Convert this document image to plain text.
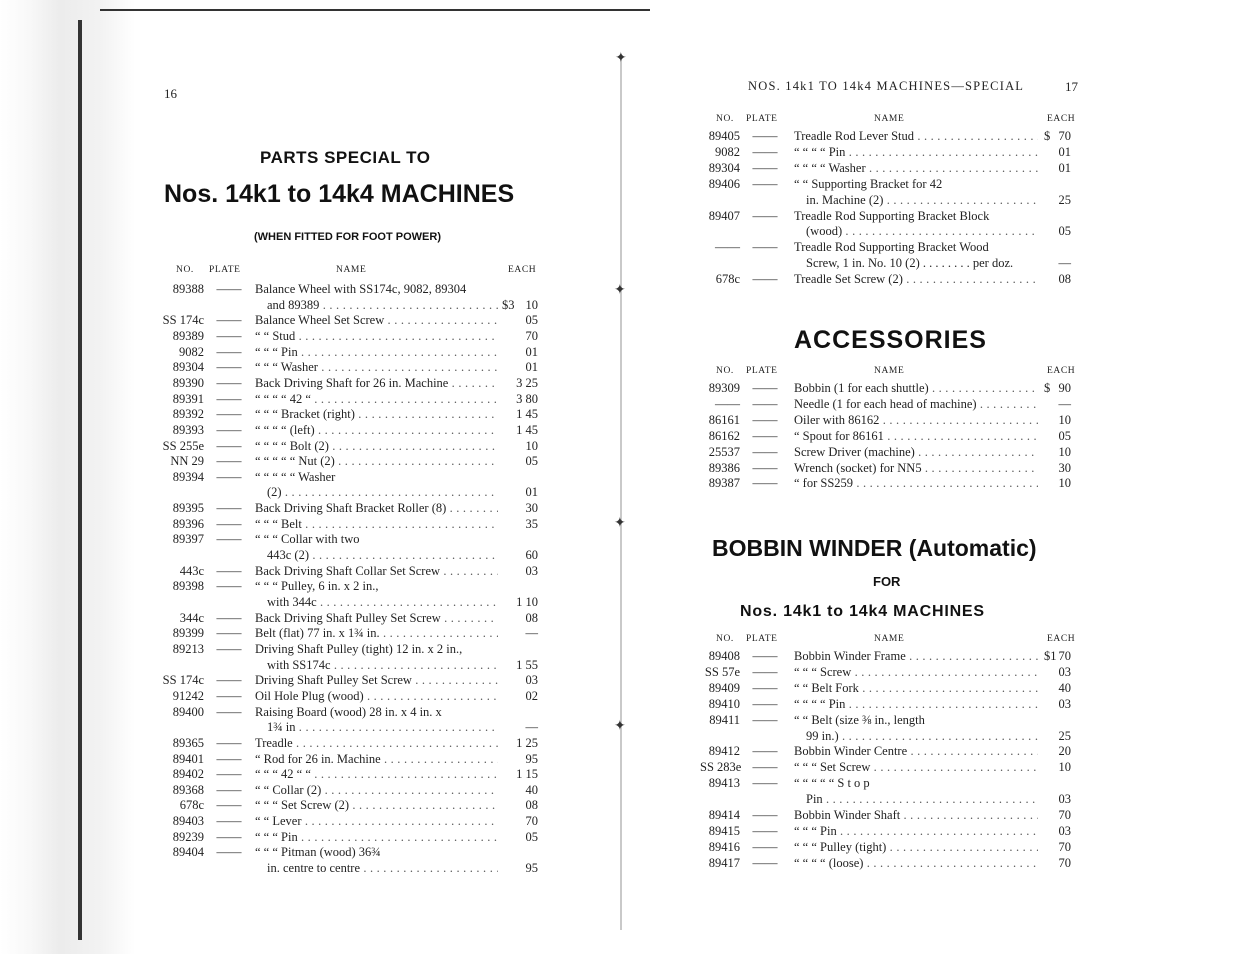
16
PARTS SPECIAL TO
Nos. 14k1 to 14k4 MACHINES
(WHEN FITTED FOR FOOT POWER)
NO. PLATE	NAME	EACH
89388 —— Balance Wheel with SS174c, 9082, 89304
and 89389 . . .	$3 10
SS 174c —— Balance Wheel Set Screw . . .	05
89389 —— “ “ Stud . . .	70
9082 —— “ “ “ Pin . . .	01
89304 —— “ “ “ Washer . . .	01
89390 —— Back Driving Shaft for 26 in. Machine . . .	3 25
89391 —— “ “ “ “ 42 “ . . .	3 80
89392 —— “ “ “ Bracket (right) . . .	1 45
89393 —— “ “ “ “ (left) . . .	1 45
SS 255e —— “ “ “ “ Bolt (2) . . .	10
NN 29 —— “ “ “ “ “ Nut (2) . . .	05
89394 —— “ “ “ “ “ Washer
(2) . . .	01
89395 —— Back Driving Shaft Bracket Roller (8) . . .	30
89396 —— “ “ “ Belt . . .	35
89397 —— “ “ “ Collar with two
443c (2) . . .	60
443c —— Back Driving Shaft Collar Set Screw . . .	03
89398 —— “ “ “ Pulley, 6 in. x 2 in.,
with 344c . . .	1 10
344c —— Back Driving Shaft Pulley Set Screw . . .	08
89399 —— Belt (flat) 77 in. x 1¾ in. . . .	—
89213 —— Driving Shaft Pulley (tight) 12 in. x 2 in.,
with SS174c . . .	1 55
SS 174c —— Driving Shaft Pulley Set Screw . . .	03
91242 —— Oil Hole Plug (wood) . . .	02
89400 —— Raising Board (wood) 28 in. x 4 in. x
1¾ in . . .	—
89365 —— Treadle . . .	1 25
89401 —— “ Rod for 26 in. Machine . . .	95
89402 —— “ “ “ 42 “ “ . . .	1 15
89368 —— “ “ Collar (2) . . .	40
678c —— “ “ “ Set Screw (2) . . .	08
89403 —— “ “ Lever . . .	70
89239 —— “ “ “ Pin . . .	05
89404 —— “ “ “ Pitman (wood) 36¾
in. centre to centre . . .	95
✦
✦
✦
✦
NOS. 14k1 TO 14k4 MACHINES—SPECIAL	17
NO. PLATE	NAME	EACH
89405 —— Treadle Rod Lever Stud . . .	$ 70
9082 —— “ “ “ “ Pin . . .	01
89304 —— “ “ “ “ Washer . . .	01
89406 —— “ “ Supporting Bracket for 42
in. Machine (2) . . .	25
89407 —— Treadle Rod Supporting Bracket Block
(wood) . . .	05
—— —— Treadle Rod Supporting Bracket Wood
Screw, 1 in. No. 10 (2) . . . . . . . . per doz.	—
678c —— Treadle Set Screw (2) . . .	08
ACCESSORIES
NO. PLATE	NAME	EACH
89309 —— Bobbin (1 for each shuttle) . . .	$ 90
—— —— Needle (1 for each head of machine) . . .	—
86161 —— Oiler with 86162 . . .	10
86162 —— “ Spout for 86161 . . .	05
25537 —— Screw Driver (machine) . . .	10
89386 —— Wrench (socket) for NN5 . . .	30
89387 —— “ for SS259 . . .	10
BOBBIN WINDER (Automatic)
FOR
Nos. 14k1 to 14k4 MACHINES
NO. PLATE	NAME	EACH
89408 —— Bobbin Winder Frame . . .	$1 70
SS 57e —— “ “ “ Screw . . .	03
89409 —— “ “ Belt Fork . . .	40
89410 —— “ “ “ “ Pin . . .	03
89411 —— “ “ Belt (size ⅜ in., length
99 in.) . . .	25
89412 —— Bobbin Winder Centre . . .	20
SS 283e —— “ “ “ Set Screw . . .	10
89413 —— “ “ “ “ “ S t o p
Pin . . .	03
89414 —— Bobbin Winder Shaft . . .	70
89415 —— “ “ “ Pin . . .	03
89416 —— “ “ “ Pulley (tight) . . .	70
89417 —— “ “ “ “ (loose) . . .	70
